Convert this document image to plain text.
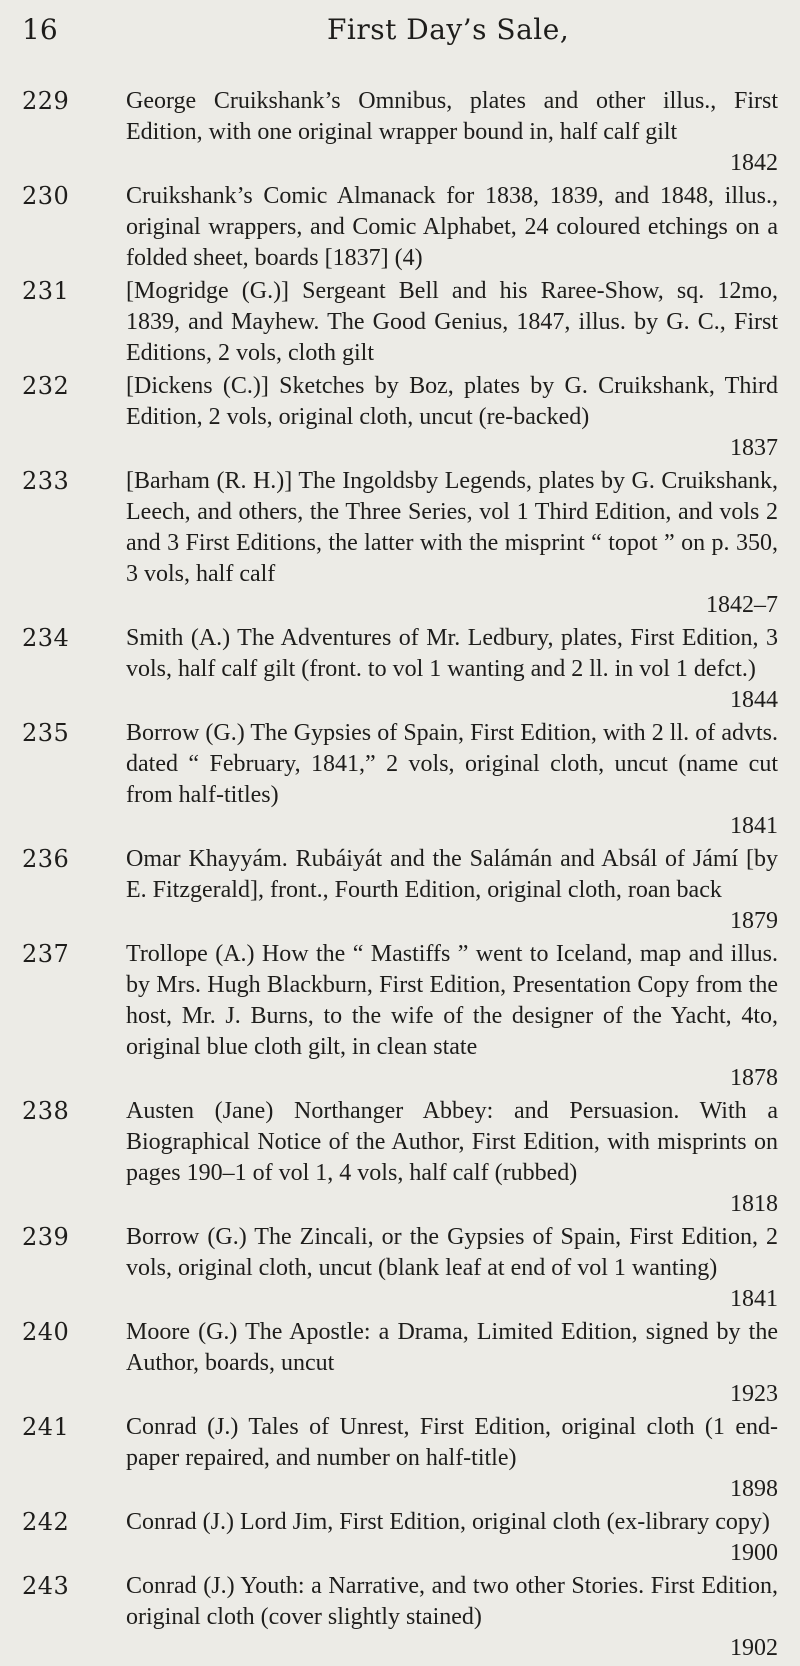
16	First Day’s Sale,
229 George Cruikshank’s Omnibus, plates and other illus., First Edition, with one original wrapper bound in, half calf gilt
1842
230 Cruikshank’s Comic Almanack for 1838, 1839, and 1848, illus., original wrappers, and Comic Alphabet, 24 coloured etchings on a folded sheet, boards [1837] (4)
231 [Mogridge (G.)] Sergeant Bell and his Raree-Show, sq. 12mo, 1839, and Mayhew. The Good Genius, 1847, illus. by G. C., First Editions, 2 vols, cloth gilt
232 [Dickens (C.)] Sketches by Boz, plates by G. Cruikshank, Third Edition, 2 vols, original cloth, uncut (re-backed)
1837
233 [Barham (R. H.)] The Ingoldsby Legends, plates by G. Cruikshank, Leech, and others, the Three Series, vol 1 Third Edition, and vols 2 and 3 First Editions, the latter with the misprint “ topot ” on p. 350, 3 vols, half calf
1842–7
234 Smith (A.) The Adventures of Mr. Ledbury, plates, First Edition, 3 vols, half calf gilt (front. to vol 1 wanting and 2 ll. in vol 1 defct.)
1844
235 Borrow (G.) The Gypsies of Spain, First Edition, with 2 ll. of advts. dated “ February, 1841,” 2 vols, original cloth, uncut (name cut from half-titles)
1841
236 Omar Khayyám. Rubáiyát and the Salámán and Absál of Jámí [by E. Fitzgerald], front., Fourth Edition, original cloth, roan back
1879
237 Trollope (A.) How the “ Mastiffs ” went to Iceland, map and illus. by Mrs. Hugh Blackburn, First Edition, Presentation Copy from the host, Mr. J. Burns, to the wife of the designer of the Yacht, 4to, original blue cloth gilt, in clean state
1878
238 Austen (Jane) Northanger Abbey: and Persuasion. With a Biographical Notice of the Author, First Edition, with misprints on pages 190–1 of vol 1, 4 vols, half calf (rubbed)
1818
239 Borrow (G.) The Zincali, or the Gypsies of Spain, First Edition, 2 vols, original cloth, uncut (blank leaf at end of vol 1 wanting)
1841
240 Moore (G.) The Apostle: a Drama, Limited Edition, signed by the Author, boards, uncut
1923
241 Conrad (J.) Tales of Unrest, First Edition, original cloth (1 end-paper repaired, and number on half-title)
1898
242 Conrad (J.) Lord Jim, First Edition, original cloth (ex-library copy)
1900
243 Conrad (J.) Youth: a Narrative, and two other Stories. First Edition, original cloth (cover slightly stained)
1902
